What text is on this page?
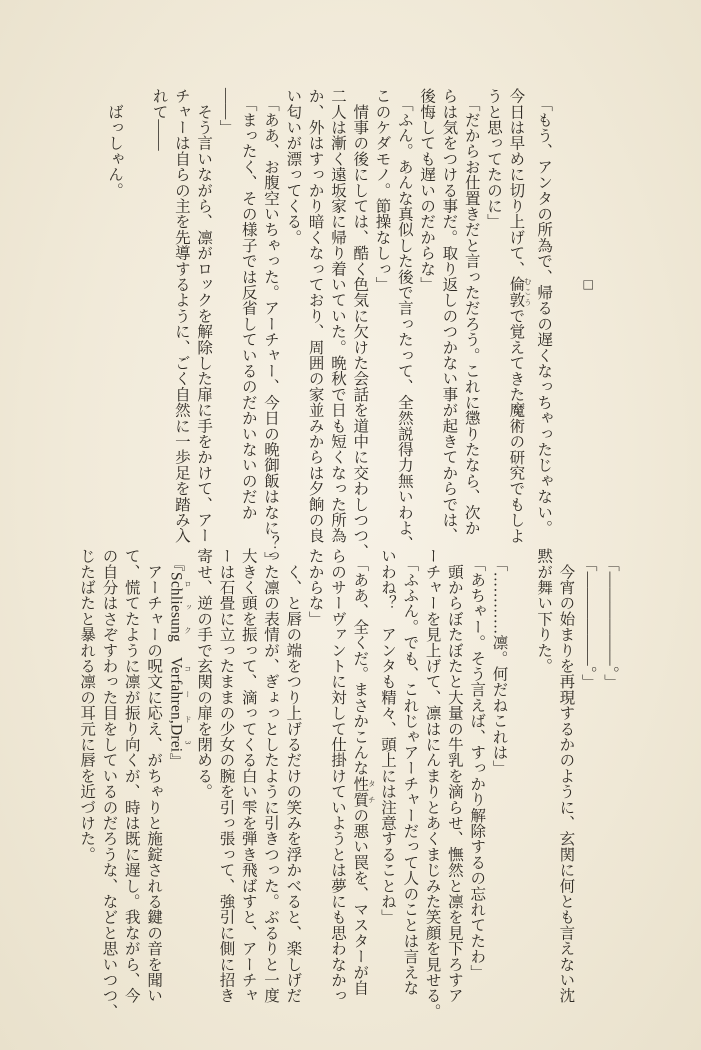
　　　　　　　　　　　　□

　「もう、アンタの所為で、帰るの遅くなっちゃったじゃない。
今日は早めに切り上げて、倫敦 むこうで覚えてきた魔術の研究でもしよ
うと思ってたのに」
　「だからお仕置きだと言っただろう。これに懲りたなら、次か
らは気をつける事だ。取り返しのつかない事が起きてからでは、
後悔しても遅いのだからな」
　「ふん。あんな真似した後で言ったって、全然説得力無いわよ、
このケダモノ。節操なしっ」
　情事の後にしては、酷く色気に欠けた会話を道中に交わしつつ、
二人は漸く遠坂家に帰り着いていた。晩秋で日も短くなった所為
か、外はすっかり暗くなっており、周囲の家並みからは夕餉の良
い匂いが漂ってくる。
　「ああ、お腹空いちゃった。アーチャー、今日の晩御飯はなに？」
　「まったく、その様子では反省しているのだかいないのだか
――」
　そう言いながら、凛がロックを解除した扉に手をかけて、アー
チャーは自らの主を先導するように、ごく自然に一歩足を踏み入
れて――

　ばっしゃん。
　「――――――。」
　「――――――。」
　今宵の始まりを再現するかのように、玄関に何とも言えない沈
黙が舞い下りた。

　「…………凛。何だねこれは」
　「あちゃー。そう言えば、すっかり解除するの忘れてたわ」
　頭からぼたぼたと大量の牛乳を滴らせ、憮然と凛を見下ろすア
ーチャーを見上げて、凛はにんまりとあくまじみた笑顔を見せる。
　「ふふん。でも、これじゃアーチャーだって人のことは言えな
いわね？　アンタも精々、頭上には注意することね」
　「ああ、全くだ。まさかこんな性質 タチの悪い罠を、マスターが自
らのサーヴァントに対して仕掛けていようとは夢にも思わなかっ
たからな」
　く、と唇の端をつり上げるだけの笑みを浮かべると、楽しげだ
った凛の表情が、ぎょっとしたように引きつった。ぶるりと一度
大きく頭を振って、滴ってくる白い雫を弾き飛ばすと、アーチャ
ーは石畳に立ったままの少女の腕を引っ張って、強引に側に招き
寄せ、逆の手で玄関の扉を閉める。
　『Schliesung ロック　Verfahren,Drei コード3』
　アーチャーの呪文に応え、がちゃりと施錠される鍵の音を聞い
て、慌てたように凛が振り向くが、時は既に遅し。我ながら、今
の自分はさぞすわった目をしているのだろうな、などと思いつつ、
じたばたと暴れる凛の耳元に唇を近づけた。
